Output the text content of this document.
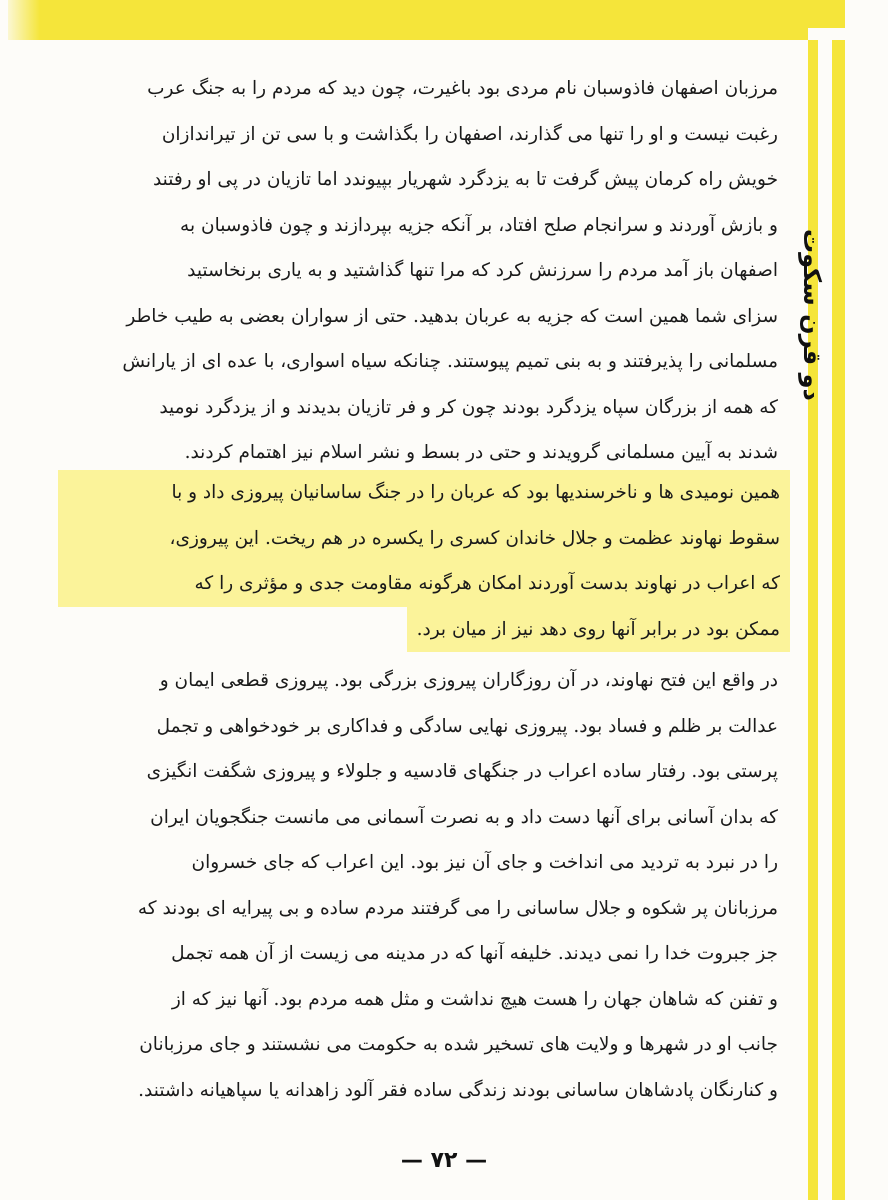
دو قرن سکوت
مرزبان اصفهان فاذوسبان نام مردی بود باغیرت، چون دید که مردم را به جنگ عرب
رغبت نیست و او را تنها می گذارند، اصفهان را بگذاشت و با سی تن از تیراندازان
خویش راه کرمان پیش گرفت تا به یزدگرد شهریار بپیوندد اما تازیان در پی او رفتند
و بازش آوردند و سرانجام صلح افتاد، بر آنکه جزیه بپردازند و چون فاذوسبان به
اصفهان باز آمد مردم را سرزنش کرد که مرا تنها گذاشتید و به یاری برنخاستید
سزای شما همین است که جزیه به عربان بدهید. حتی از سواران بعضی به طیب خاطر
مسلمانی را پذیرفتند و به بنی تمیم پیوستند. چنانکه سیاه اسواری، با عده ای از یارانش
که همه از بزرگان سپاه یزدگرد بودند چون کر و فر تازیان بدیدند و از یزدگرد نومید
شدند به آیین مسلمانی گرویدند و حتی در بسط و نشر اسلام نیز اهتمام کردند.
همین نومیدی ها و ناخرسندیها بود که عربان را در جنگ ساسانیان پیروزی داد و با
سقوط نهاوند عظمت و جلال خاندان کسری را یکسره در هم ریخت. این پیروزی،
که اعراب در نهاوند بدست آوردند امکان هرگونه مقاومت جدی و مؤثری را که
ممکن بود در برابر آنها روی دهد نیز از میان برد.
در واقع این فتح نهاوند، در آن روزگاران پیروزی بزرگی بود. پیروزی قطعی ایمان و
عدالت بر ظلم و فساد بود. پیروزی نهایی سادگی و فداکاری بر خودخواهی و تجمل
پرستی بود. رفتار ساده اعراب در جنگهای قادسیه و جلولاء و پیروزی شگفت انگیزی
که بدان آسانی برای آنها دست داد و به نصرت آسمانی می مانست جنگجویان ایران
را در نبرد به تردید می انداخت و جای آن نیز بود. این اعراب که جای خسروان
مرزبانان پر شکوه و جلال ساسانی را می گرفتند مردم ساده و بی پیرایه ای بودند که
جز جبروت خدا را نمی دیدند. خلیفه آنها که در مدینه می زیست از آن همه تجمل
و تفنن که شاهان جهان را هست هیچ نداشت و مثل همه مردم بود. آنها نیز که از
جانب او در شهرها و ولایت های تسخیر شده به حکومت می نشستند و جای مرزبانان
و کنارنگان پادشاهان ساسانی بودند زندگی ساده فقر آلود زاهدانه یا سپاهیانه داشتند.
— ۷۲ —
